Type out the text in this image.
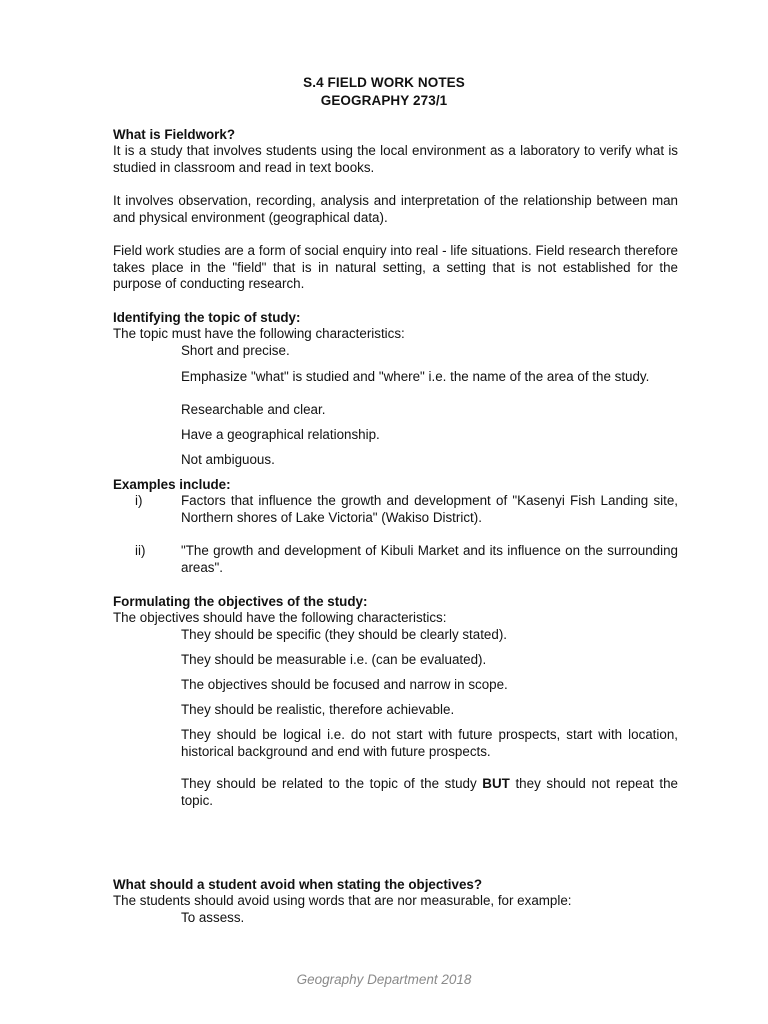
S.4 FIELD WORK NOTES
GEOGRAPHY 273/1
What is Fieldwork?
It is a study that involves students using the local environment as a laboratory to verify what is studied in classroom and read in text books.
It involves observation, recording, analysis and interpretation of the relationship between man and physical environment (geographical data).
Field work studies are a form of social enquiry into real - life situations. Field research therefore takes place in the "field" that is in natural setting, a setting that is not established for the purpose of conducting research.
Identifying the topic of study:
The topic must have the following characteristics:
Short and precise.
Emphasize "what" is studied and "where" i.e. the name of the area of the study.
Researchable and clear.
Have a geographical relationship.
Not ambiguous.
Examples include:
i)	Factors that influence the growth and development of "Kasenyi Fish Landing site, Northern shores of Lake Victoria" (Wakiso District).
ii)	"The growth and development of Kibuli Market and its influence on the surrounding areas".
Formulating the objectives of the study:
The objectives should have the following characteristics:
They should be specific (they should be clearly stated).
They should be measurable i.e. (can be evaluated).
The objectives should be focused and narrow in scope.
They should be realistic, therefore achievable.
They should be logical i.e. do not start with future prospects, start with location, historical background and end with future prospects.
They should be related to the topic of the study BUT they should not repeat the topic.
What should a student avoid when stating the objectives?
The students should avoid using words that are nor measurable, for example:
To assess.
Geography Department 2018
